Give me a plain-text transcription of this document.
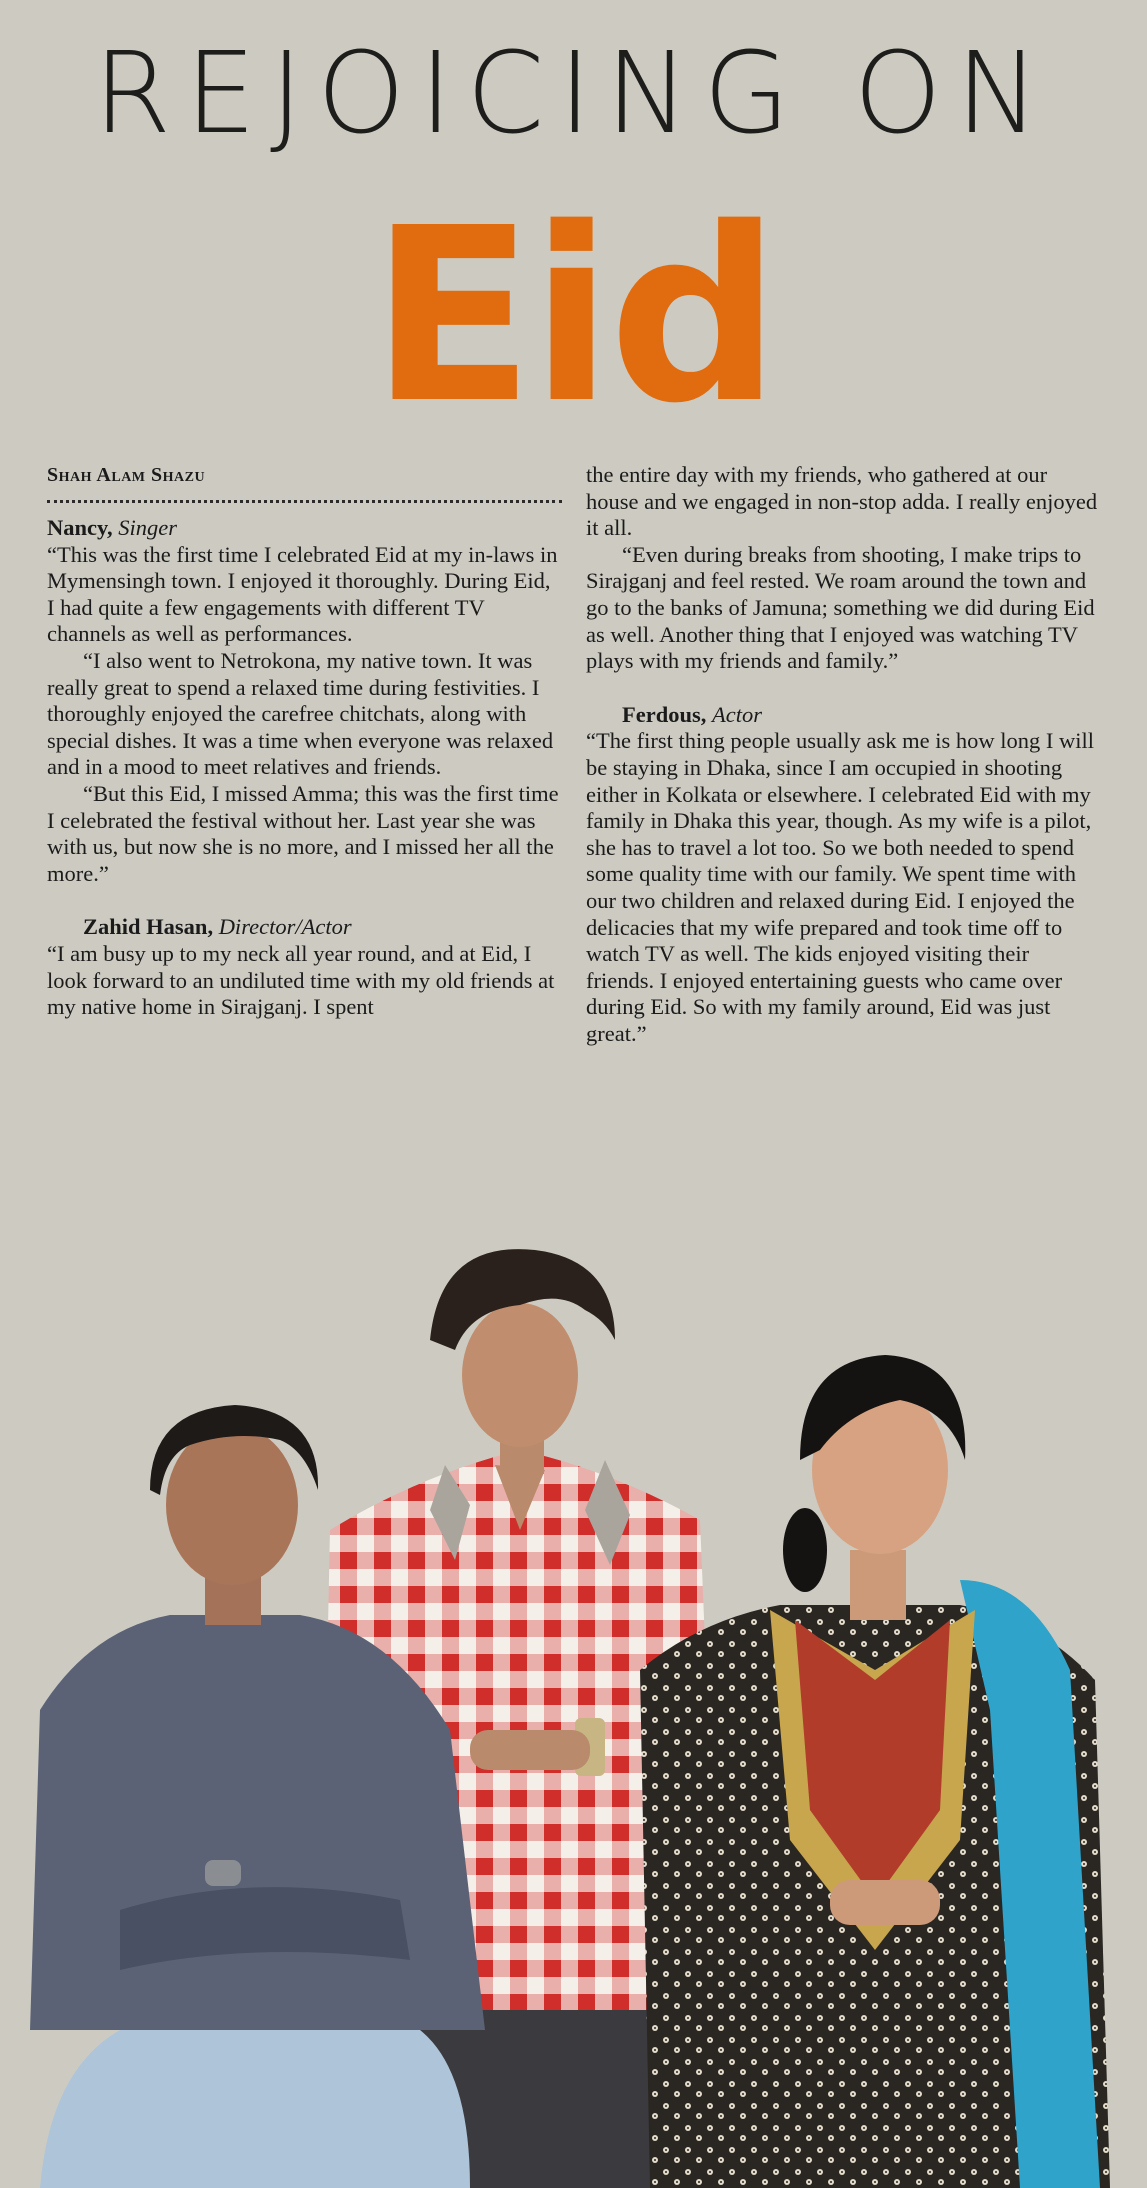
REJOICING ON
Eid

Shah Alam Shazu

Nancy, Singer

“This was the first time I celebrated Eid at my in-laws in Mymensingh town. I enjoyed it thoroughly. During Eid, I had quite a few engagements with different TV channels as well as performances.

“I also went to Netrokona, my native town. It was really great to spend a relaxed time during festivities. I thoroughly enjoyed the carefree chitchats, along with special dishes. It was a time when everyone was relaxed and in a mood to meet relatives and friends.

“But this Eid, I missed Amma; this was the first time I celebrated the festival without her. Last year she was with us, but now she is no more, and I missed her all the more.”

Zahid Hasan, Director/Actor

“I am busy up to my neck all year round, and at Eid, I look forward to an undiluted time with my old friends at my native home in Sirajganj. I spent

the entire day with my friends, who gathered at our house and we engaged in non-stop adda. I really enjoyed it all.

“Even during breaks from shooting, I make trips to Sirajganj and feel rested. We roam around the town and go to the banks of Jamuna; something we did during Eid as well. Another thing that I enjoyed was watching TV plays with my friends and family.”

Ferdous, Actor

“The first thing people usually ask me is how long I will be staying in Dhaka, since I am occupied in shooting either in Kolkata or elsewhere. I celebrated Eid with my family in Dhaka this year, though. As my wife is a pilot, she has to travel a lot too. So we both needed to spend some quality time with our family. We spent time with our two children and relaxed during Eid. I enjoyed the delicacies that my wife prepared and took time off to watch TV as well. The kids enjoyed visiting their friends. I enjoyed entertaining guests who came over during Eid. So with my family around, Eid was just great.”
